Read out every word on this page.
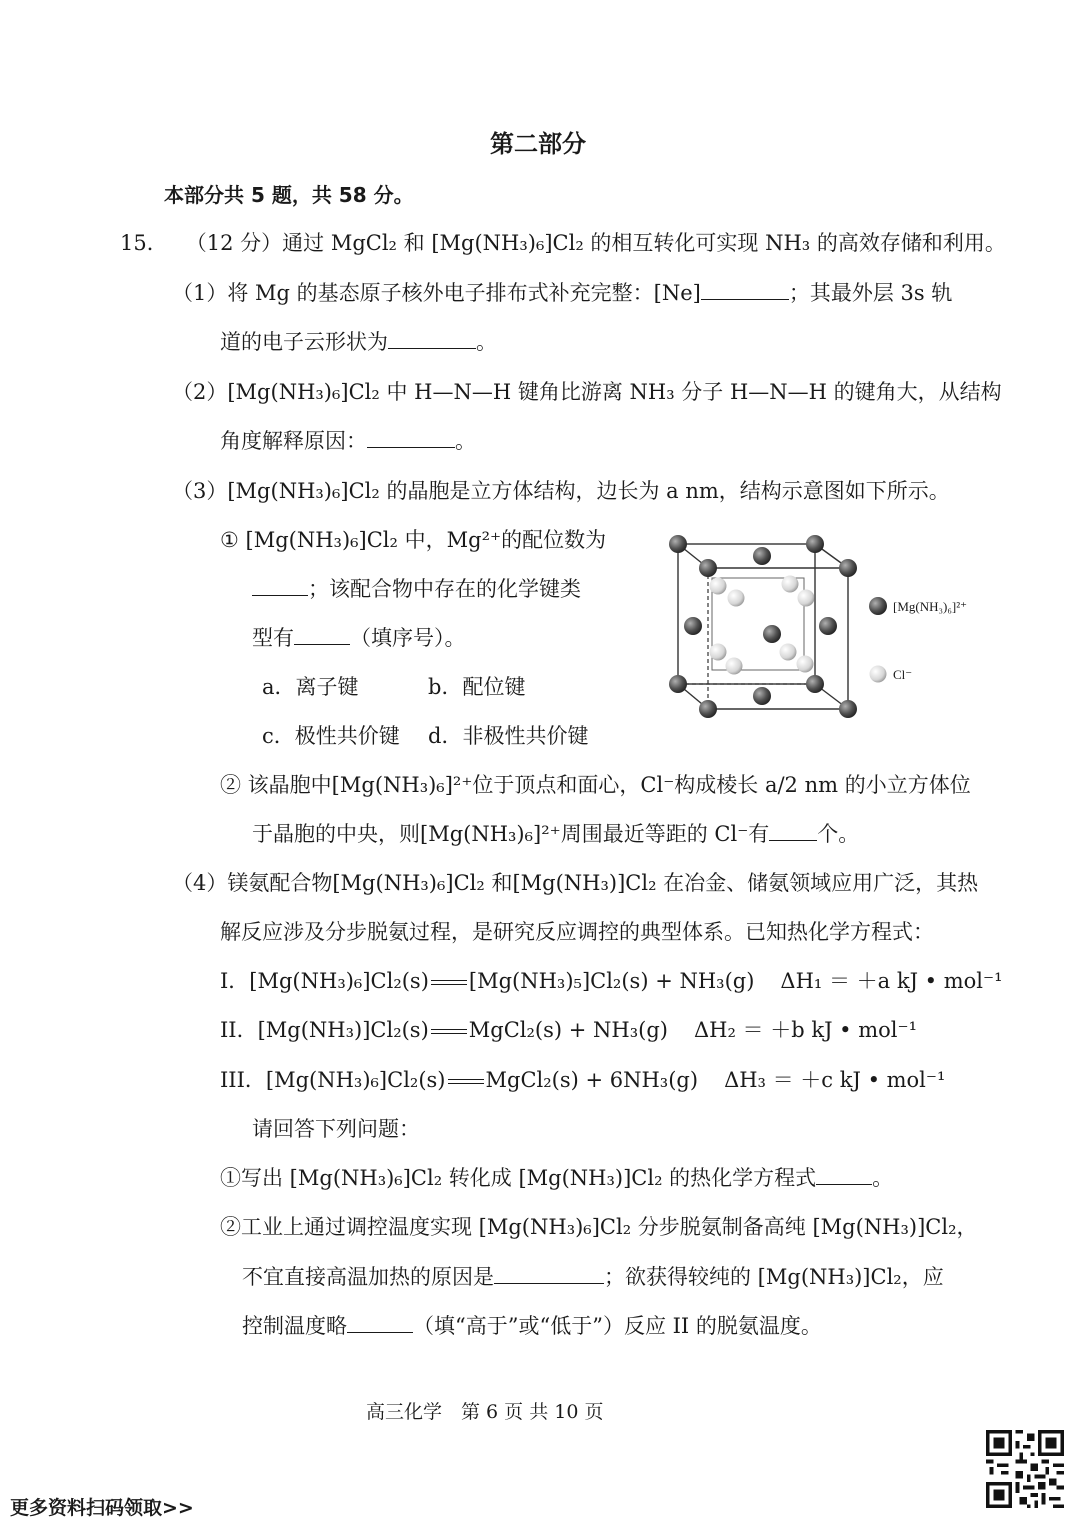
第二部分
本部分共 5 题，共 58 分。
15． （12 分）通过 MgCl₂ 和 [Mg(NH₃)₆]Cl₂ 的相互转化可实现 NH₃ 的高效存储和利用。
（1）将 Mg 的基态原子核外电子排布式补充完整：[Ne]	；其最外层 3s 轨
道的电子云形状为	。
（2）[Mg(NH₃)₆]Cl₂ 中 H—N—H 键角比游离 NH₃ 分子 H—N—H 的键角大，从结构
角度解释原因：	。
（3）[Mg(NH₃)₆]Cl₂ 的晶胞是立方体结构，边长为 a nm，结构示意图如下所示。
① [Mg(NH₃)₆]Cl₂ 中，Mg²⁺的配位数为
；该配合物中存在的化学键类
型有	（填序号）。
a．离子键	b．配位键
c．极性共价键 d．非极性共价键
[Mg(NH₃)₆]²⁺
Cl⁻
② 该晶胞中[Mg(NH₃)₆]²⁺位于顶点和面心，Cl⁻构成棱长 a/2 nm 的小立方体位
于晶胞的中央，则[Mg(NH₃)₆]²⁺周围最近等距的 Cl⁻有 个。
（4）镁氨配合物[Mg(NH₃)₆]Cl₂ 和[Mg(NH₃)]Cl₂ 在冶金、储氨领域应用广泛，其热
解反应涉及分步脱氨过程，是研究反应调控的典型体系。已知热化学方程式：
I．[Mg(NH₃)₆]Cl₂(s) [Mg(NH₃)₅]Cl₂(s) + NH₃(g) ΔH₁ ＝ ＋a kJ • mol⁻¹
II．[Mg(NH₃)]Cl₂(s) MgCl₂(s) + NH₃(g) ΔH₂ ＝ ＋b kJ • mol⁻¹
III．[Mg(NH₃)₆]Cl₂(s) MgCl₂(s) + 6NH₃(g) ΔH₃ ＝ ＋c kJ • mol⁻¹
请回答下列问题：
①写出 [Mg(NH₃)₆]Cl₂ 转化成 [Mg(NH₃)]Cl₂ 的热化学方程式	。
②工业上通过调控温度实现 [Mg(NH₃)₆]Cl₂ 分步脱氨制备高纯 [Mg(NH₃)]Cl₂，
不宜直接高温加热的原因是	；欲获得较纯的 [Mg(NH₃)]Cl₂，应
控制温度略	（填“高于”或“低于”）反应 II 的脱氨温度。
高三化学　第 6 页 共 10 页
更多资料扫码领取>>
